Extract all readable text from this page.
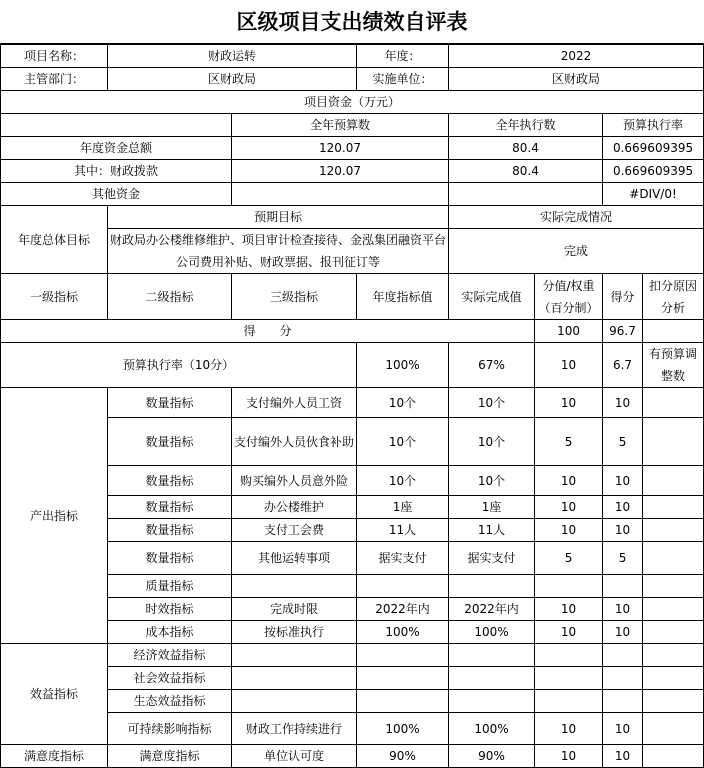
区级项目支出绩效自评表
项目名称：	财政运转		年度：	2022			
主管部门：	区财政局		实施单位：	区财政局			
项目资金（万元）							
		全年预算数		全年执行数		预算执行率	
年度资金总额		120.07		80.4		0.669609395	
其中：财政拨款		120.07		80.4		0.669609395	
其他资金						#DIV/0!	
年度总体目标	预期目标			实际完成情况			
	财政局办公楼维修维护、项目审计检查接待、金泓集团融资平台公司费用补贴、财政票据、报刊征订等			完成			
一级指标	二级指标	三级指标	年度指标值	实际完成值	分值/权重（百分制）	得分	扣分原因分析
得　　分					100	96.7	
预算执行率（10分）			100%	67%	10	6.7	有预算调整数
产出指标	数量指标	支付编外人员工资	10个	10个	10	10	
	数量指标	支付编外人员伙食补助	10个	10个	5	5	
	数量指标	购买编外人员意外险	10个	10个	10	10	
	数量指标	办公楼维护	1座	1座	10	10	
	数量指标	支付工会费	11人	11人	10	10	
	数量指标	其他运转事项	据实支付	据实支付	5	5	
	质量指标						
	时效指标	完成时限	2022年内	2022年内	10	10	
	成本指标	按标准执行	100%	100%	10	10	
效益指标	经济效益指标						
	社会效益指标						
	生态效益指标						
	可持续影响指标	财政工作持续进行	100%	100%	10	10	
满意度指标	满意度指标	单位认可度	90%	90%	10	10	
